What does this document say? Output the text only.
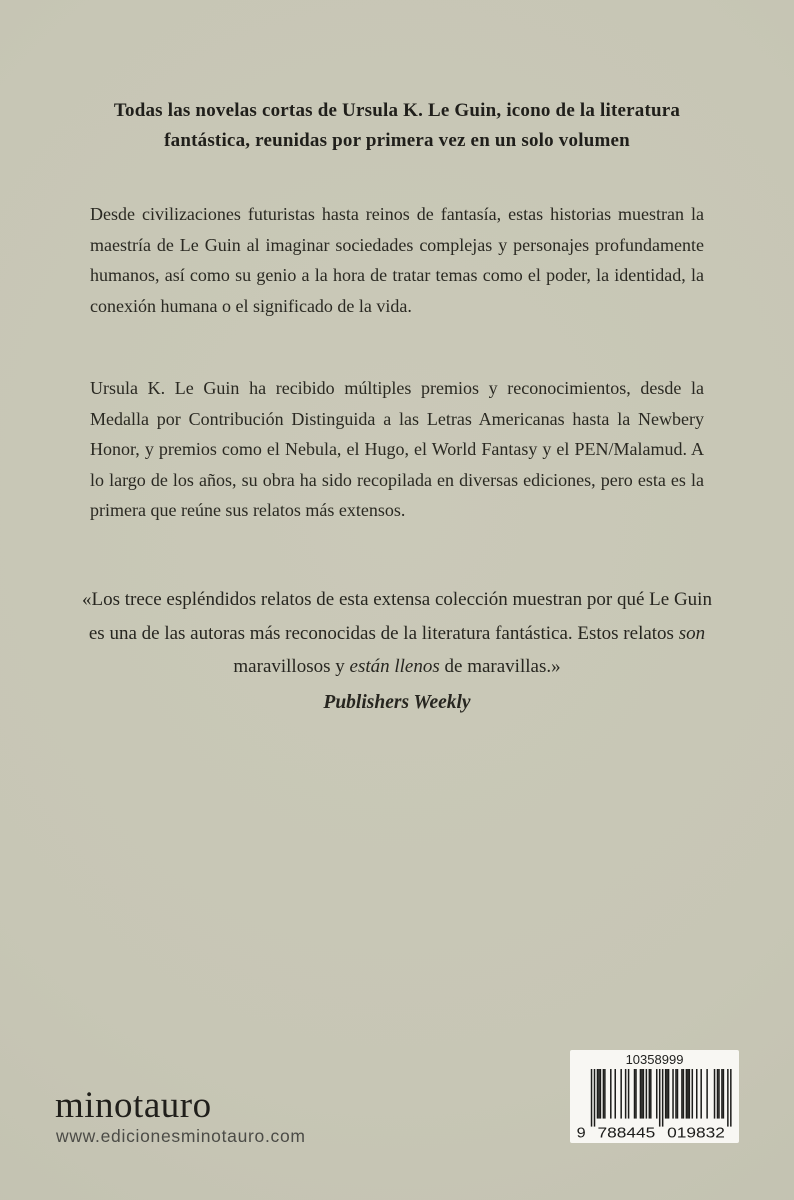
Todas las novelas cortas de Ursula K. Le Guin, icono de la literatura fantástica, reunidas por primera vez en un solo volumen

Desde civilizaciones futuristas hasta reinos de fantasía, estas historias muestran la maestría de Le Guin al imaginar sociedades complejas y personajes profundamente humanos, así como su genio a la hora de tratar temas como el poder, la identidad, la conexión humana o el significado de la vida.

Ursula K. Le Guin ha recibido múltiples premios y reconocimientos, desde la Medalla por Contribución Distinguida a las Letras Americanas hasta la Newbery Honor, y premios como el Nebula, el Hugo, el World Fantasy y el PEN/Malamud. A lo largo de los años, su obra ha sido recopilada en diversas ediciones, pero esta es la primera que reúne sus relatos más extensos.

«Los trece espléndidos relatos de esta extensa colección muestran por qué Le Guin es una de las autoras más reconocidas de la literatura fantástica. Estos relatos son maravillosos y están llenos de maravillas.»
Publishers Weekly
minotauro
www.edicionesminotauro.com
10358999
9 788445 019832
